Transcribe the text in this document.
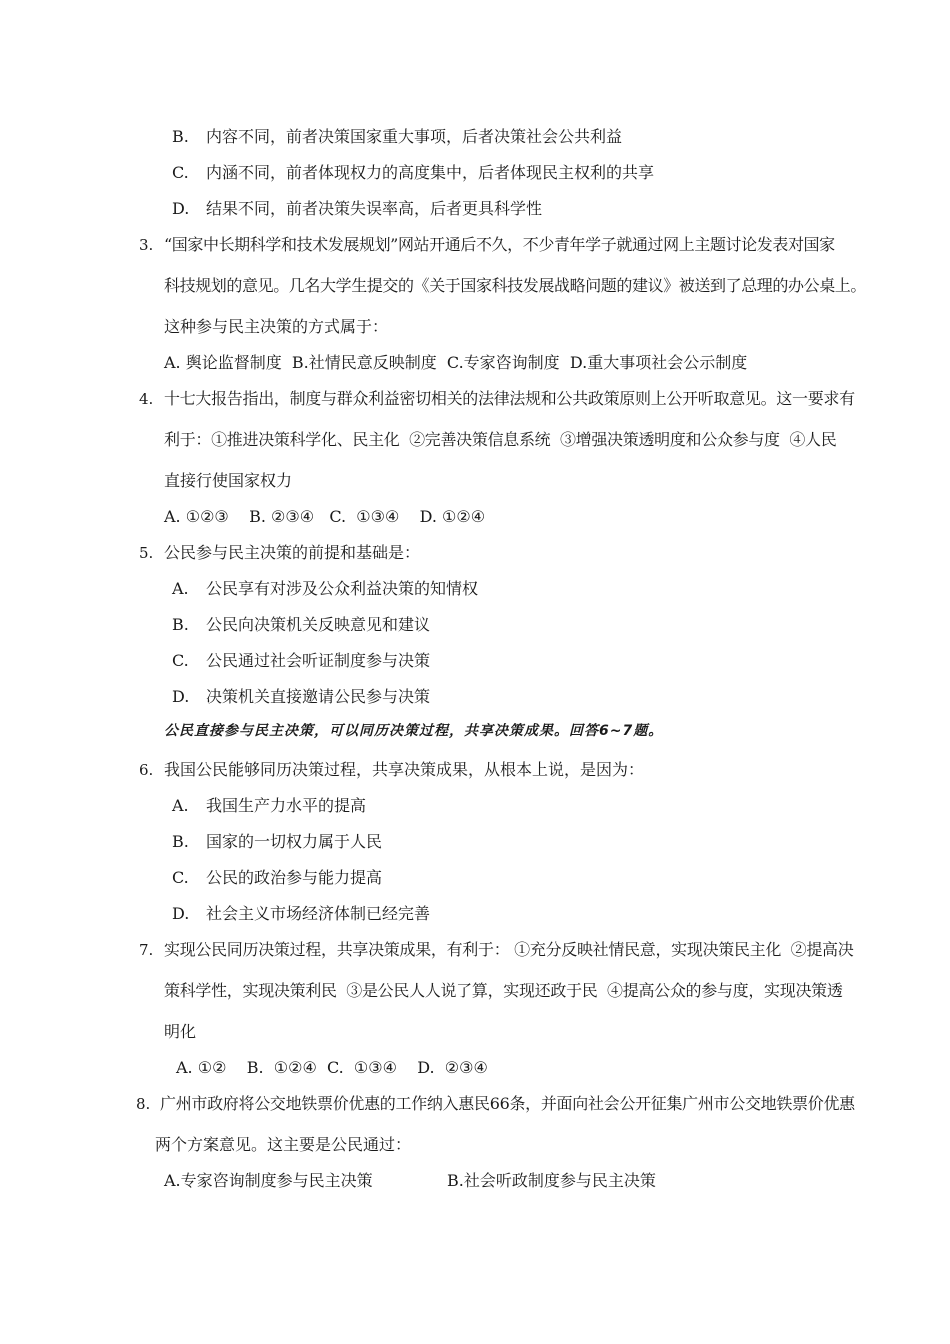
B. 内容不同，前者决策国家重大事项，后者决策社会公共利益
C. 内涵不同，前者体现权力的高度集中，后者体现民主权利的共享
D. 结果不同，前者决策失误率高，后者更具科学性
3. “国家中长期科学和技术发展规划”网站开通后不久，不少青年学子就通过网上主题讨论发表对国家
科技规划的意见。几名大学生提交的《关于国家科技发展战略问题的建议》被送到了总理的办公桌上。
这种参与民主决策的方式属于：
A. 舆论监督制度  B.社情民意反映制度  C.专家咨询制度  D.重大事项社会公示制度
4. 十七大报告指出，制度与群众利益密切相关的法律法规和公共政策原则上公开听取意见。这一要求有
利于：①推进决策科学化、民主化  ②完善决策信息系统  ③增强决策透明度和公众参与度  ④人民
直接行使国家权力
A. ①②③    B. ②③④   C.  ①③④    D. ①②④
5. 公民参与民主决策的前提和基础是：
A. 公民享有对涉及公众利益决策的知情权
B. 公民向决策机关反映意见和建议
C. 公民通过社会听证制度参与决策
D. 决策机关直接邀请公民参与决策
公民直接参与民主决策，可以同历决策过程，共享决策成果。回答6~7题。
6. 我国公民能够同历决策过程，共享决策成果，从根本上说，是因为：
A. 我国生产力水平的提高
B. 国家的一切权力属于人民
C. 公民的政治参与能力提高
D. 社会主义市场经济体制已经完善
7. 实现公民同历决策过程，共享决策成果，有利于： ①充分反映社情民意，实现决策民主化  ②提高决
策科学性，实现决策利民  ③是公民人人说了算，实现还政于民  ④提高公众的参与度，实现决策透
明化
A. ①②    B.  ①②④  C.  ①③④    D.  ②③④
8. 广州市政府将公交地铁票价优惠的工作纳入惠民66条，并面向社会公开征集广州市公交地铁票价优惠
两个方案意见。这主要是公民通过：
A.专家咨询制度参与民主决策	B.社会听政制度参与民主决策
